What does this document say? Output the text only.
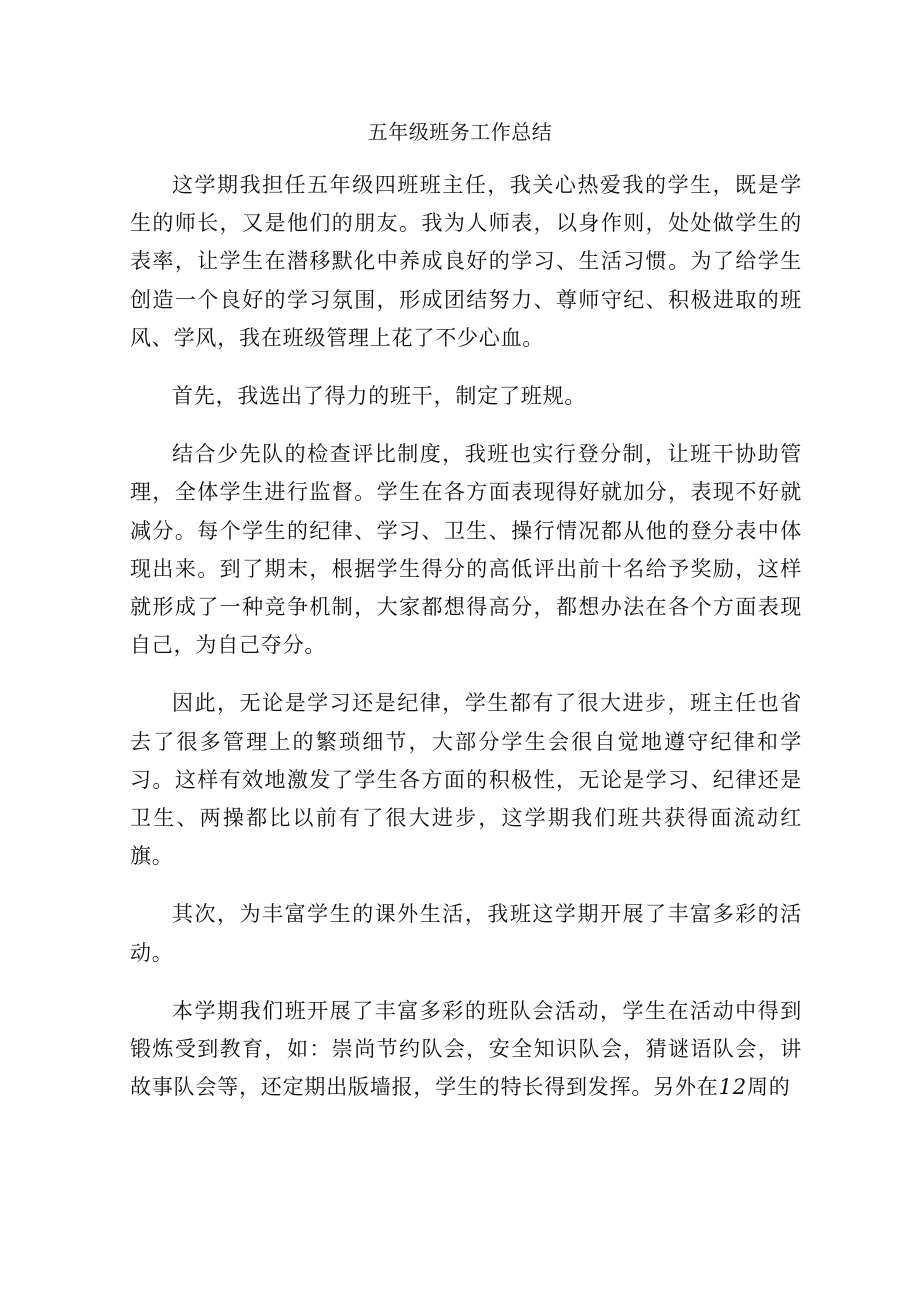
五年级班务工作总结

这学期我担任五年级四班班主任，我关心热爱我的学生，既是学生的师长，又是他们的朋友。我为人师表，以身作则，处处做学生的表率，让学生在潜移默化中养成良好的学习、生活习惯。为了给学生创造一个良好的学习氛围，形成团结努力、尊师守纪、积极进取的班风、学风，我在班级管理上花了不少心血。

首先，我选出了得力的班干，制定了班规。

结合少先队的检查评比制度，我班也实行登分制，让班干协助管理，全体学生进行监督。学生在各方面表现得好就加分，表现不好就减分。每个学生的纪律、学习、卫生、操行情况都从他的登分表中体现出来。到了期末，根据学生得分的高低评出前十名给予奖励，这样就形成了一种竞争机制，大家都想得高分，都想办法在各个方面表现自己，为自己夺分。

因此，无论是学习还是纪律，学生都有了很大进步，班主任也省去了很多管理上的繁琐细节，大部分学生会很自觉地遵守纪律和学习。这样有效地激发了学生各方面的积极性，无论是学习、纪律还是卫生、两操都比以前有了很大进步，这学期我们班共获得面流动红旗。

其次，为丰富学生的课外生活，我班这学期开展了丰富多彩的活动。

本学期我们班开展了丰富多彩的班队会活动，学生在活动中得到锻炼受到教育，如：崇尚节约队会，安全知识队会，猜谜语队会，讲故事队会等，还定期出版墙报，学生的特长得到发挥。另外在12周的
